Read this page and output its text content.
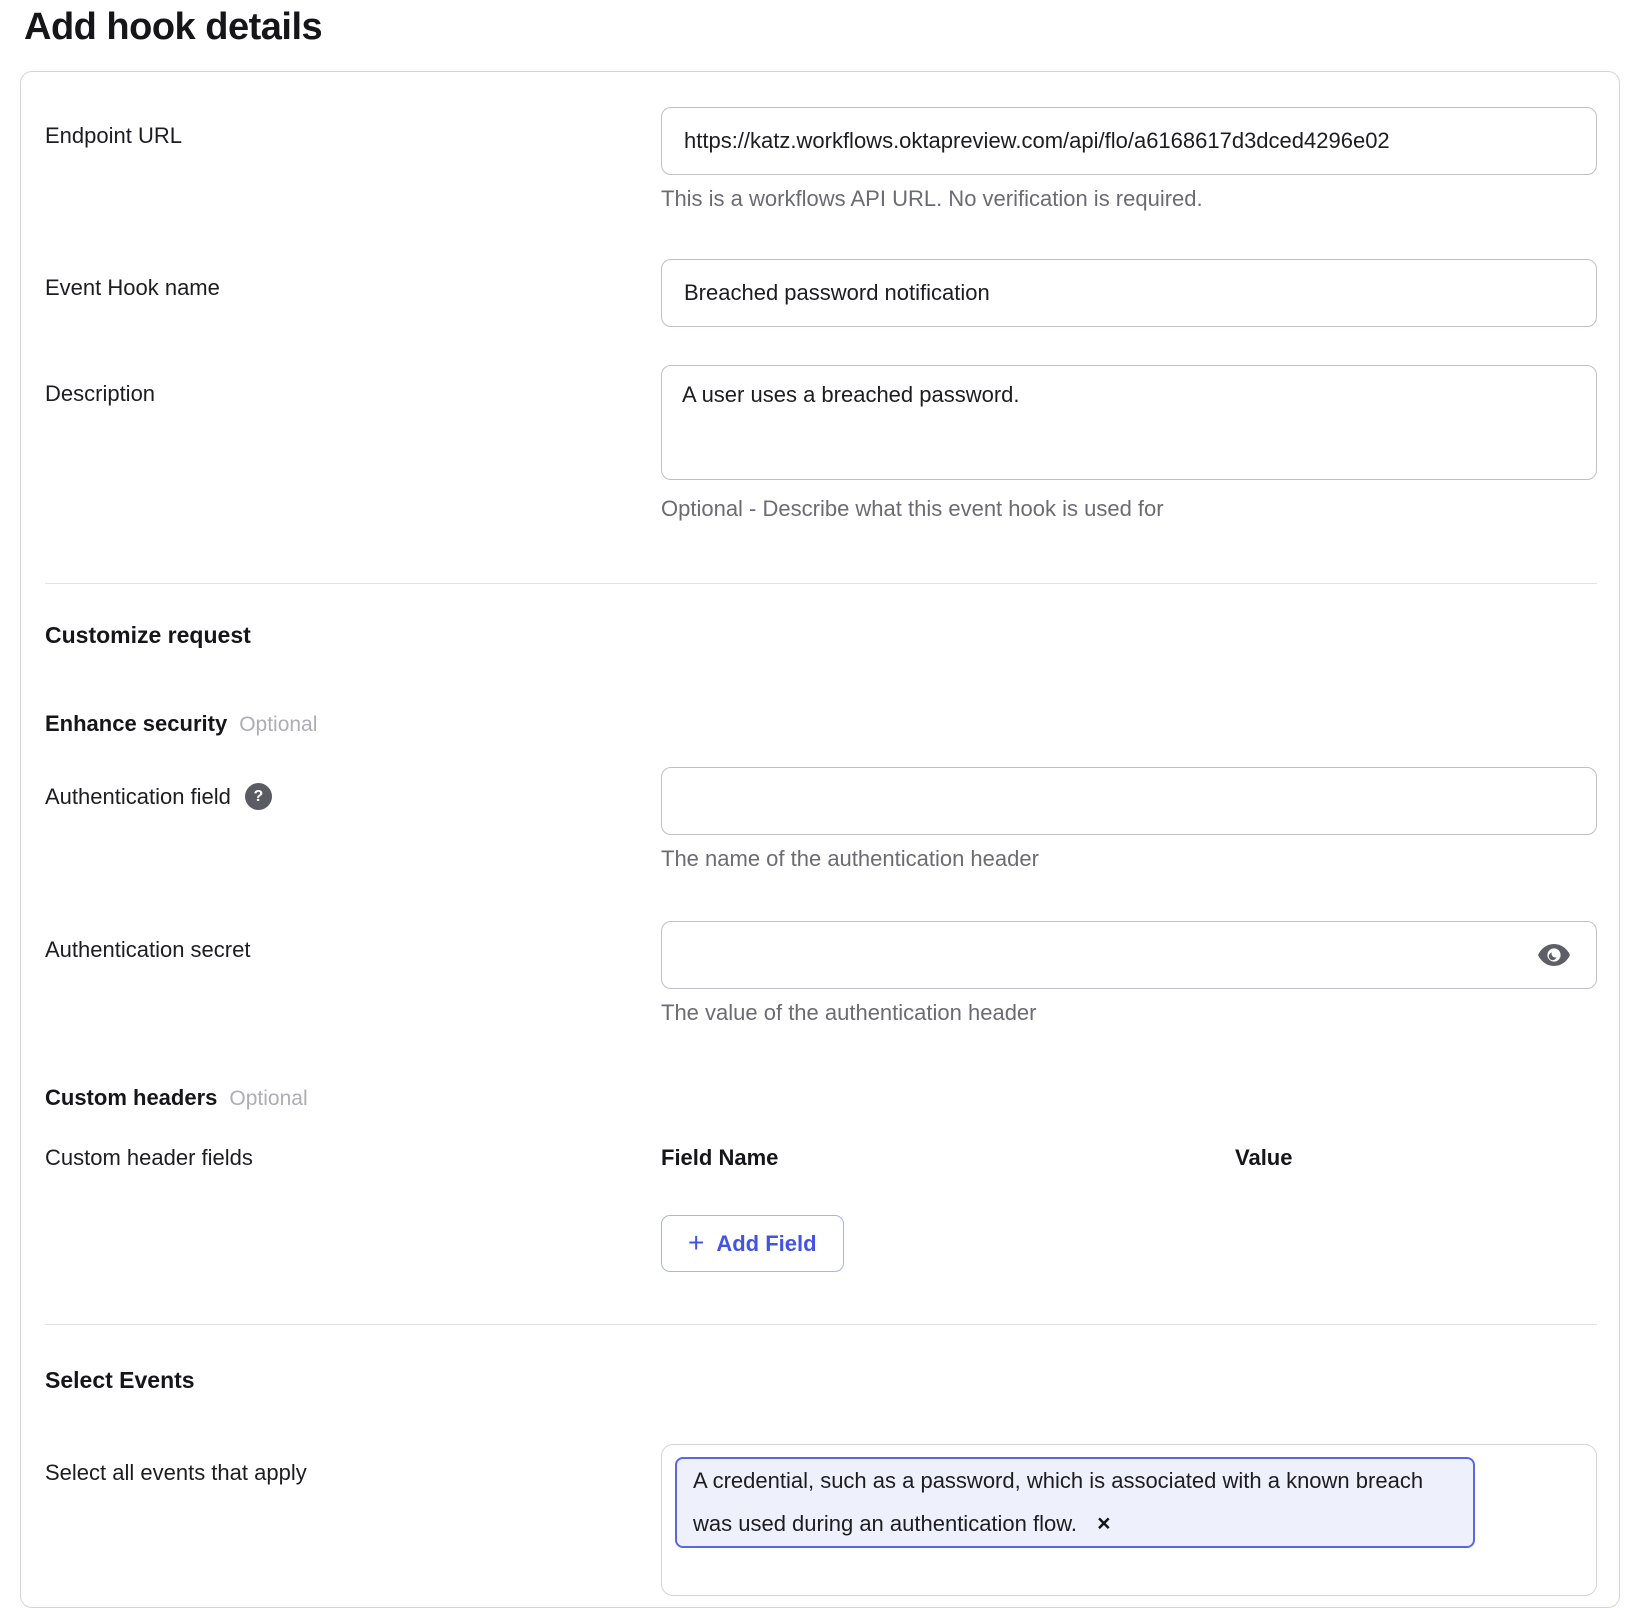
Add hook details
Endpoint URL
https://katz.workflows.oktapreview.com/api/flo/a6168617d3dced4296e02
This is a workflows API URL. No verification is required.
Event Hook name
Breached password notification
Description
A user uses a breached password.
Optional - Describe what this event hook is used for
Customize request
Enhance security Optional
Authentication field	?
The name of the authentication header
Authentication secret
The value of the authentication header
Custom headers Optional
Custom header fields	Field Name	Value
+ Add Field
Select Events
Select all events that apply	A credential, such as a password, which is associated with a known breach was used during an authentication flow. ×
